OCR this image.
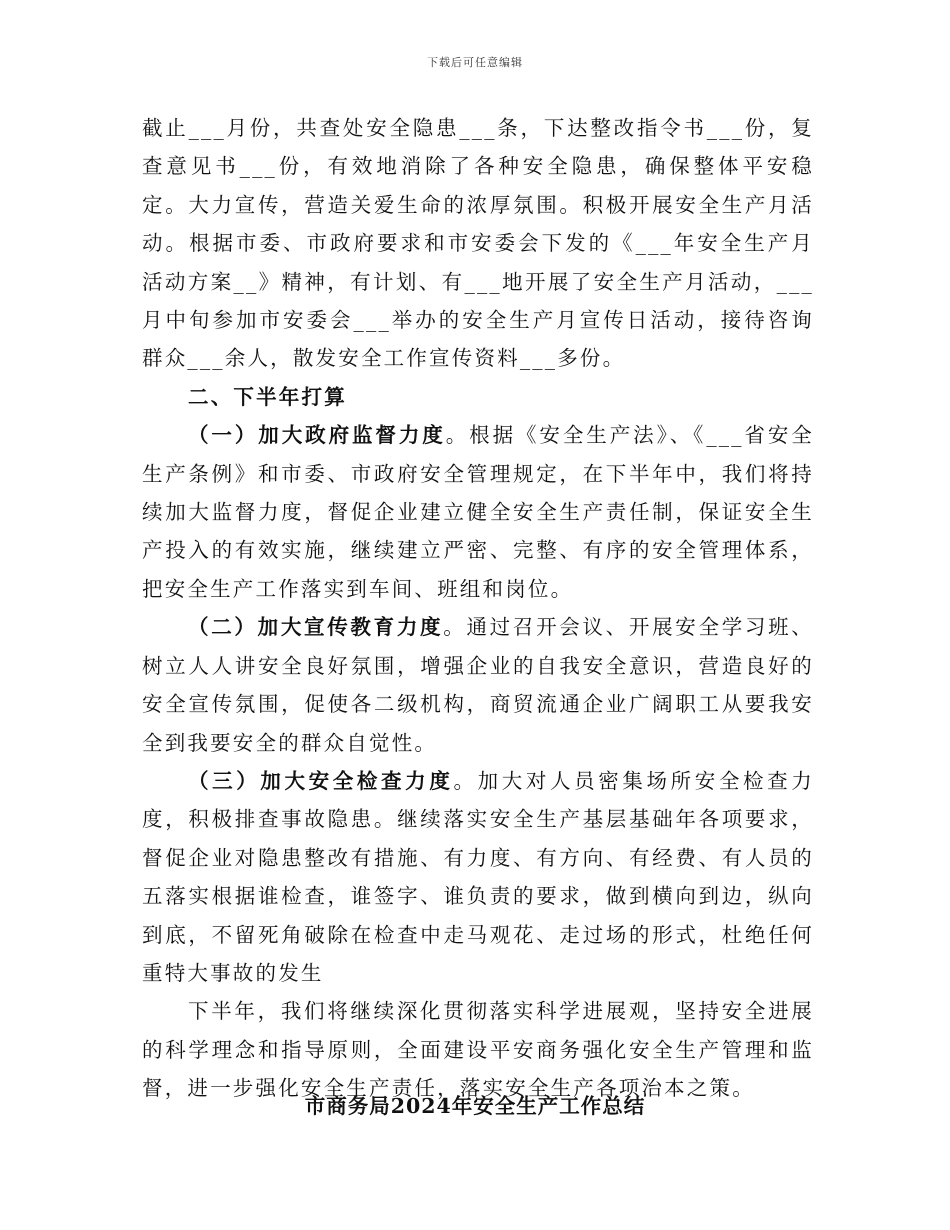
下载后可任意编辑

截止___月份，共查处安全隐患___条，下达整改指令书___份，复查意见书___份，有效地消除了各种安全隐患，确保整体平安稳定。大力宣传，营造关爱生命的浓厚氛围。积极开展安全生产月活动。根据市委、市政府要求和市安委会下发的《___年安全生产月活动方案__》精神，有计划、有___地开展了安全生产月活动，___月中旬参加市安委会___举办的安全生产月宣传日活动，接待咨询群众___余人，散发安全工作宣传资料___多份。

二、下半年打算

（一）加大政府监督力度。根据《安全生产法》、《___省安全生产条例》和市委、市政府安全管理规定，在下半年中，我们将持续加大监督力度，督促企业建立健全安全生产责任制，保证安全生产投入的有效实施，继续建立严密、完整、有序的安全管理体系，把安全生产工作落实到车间、班组和岗位。

（二）加大宣传教育力度。通过召开会议、开展安全学习班、树立人人讲安全良好氛围，增强企业的自我安全意识，营造良好的安全宣传氛围，促使各二级机构，商贸流通企业广阔职工从要我安全到我要安全的群众自觉性。

（三）加大安全检查力度。加大对人员密集场所安全检查力度，积极排查事故隐患。继续落实安全生产基层基础年各项要求，督促企业对隐患整改有措施、有力度、有方向、有经费、有人员的五落实根据谁检查，谁签字、谁负责的要求，做到横向到边，纵向到底，不留死角破除在检查中走马观花、走过场的形式，杜绝任何重特大事故的发生

下半年，我们将继续深化贯彻落实科学进展观，坚持安全进展的科学理念和指导原则，全面建设平安商务强化安全生产管理和监督，进一步强化安全生产责任，落实安全生产各项治本之策。

市商务局2024年安全生产工作总结
